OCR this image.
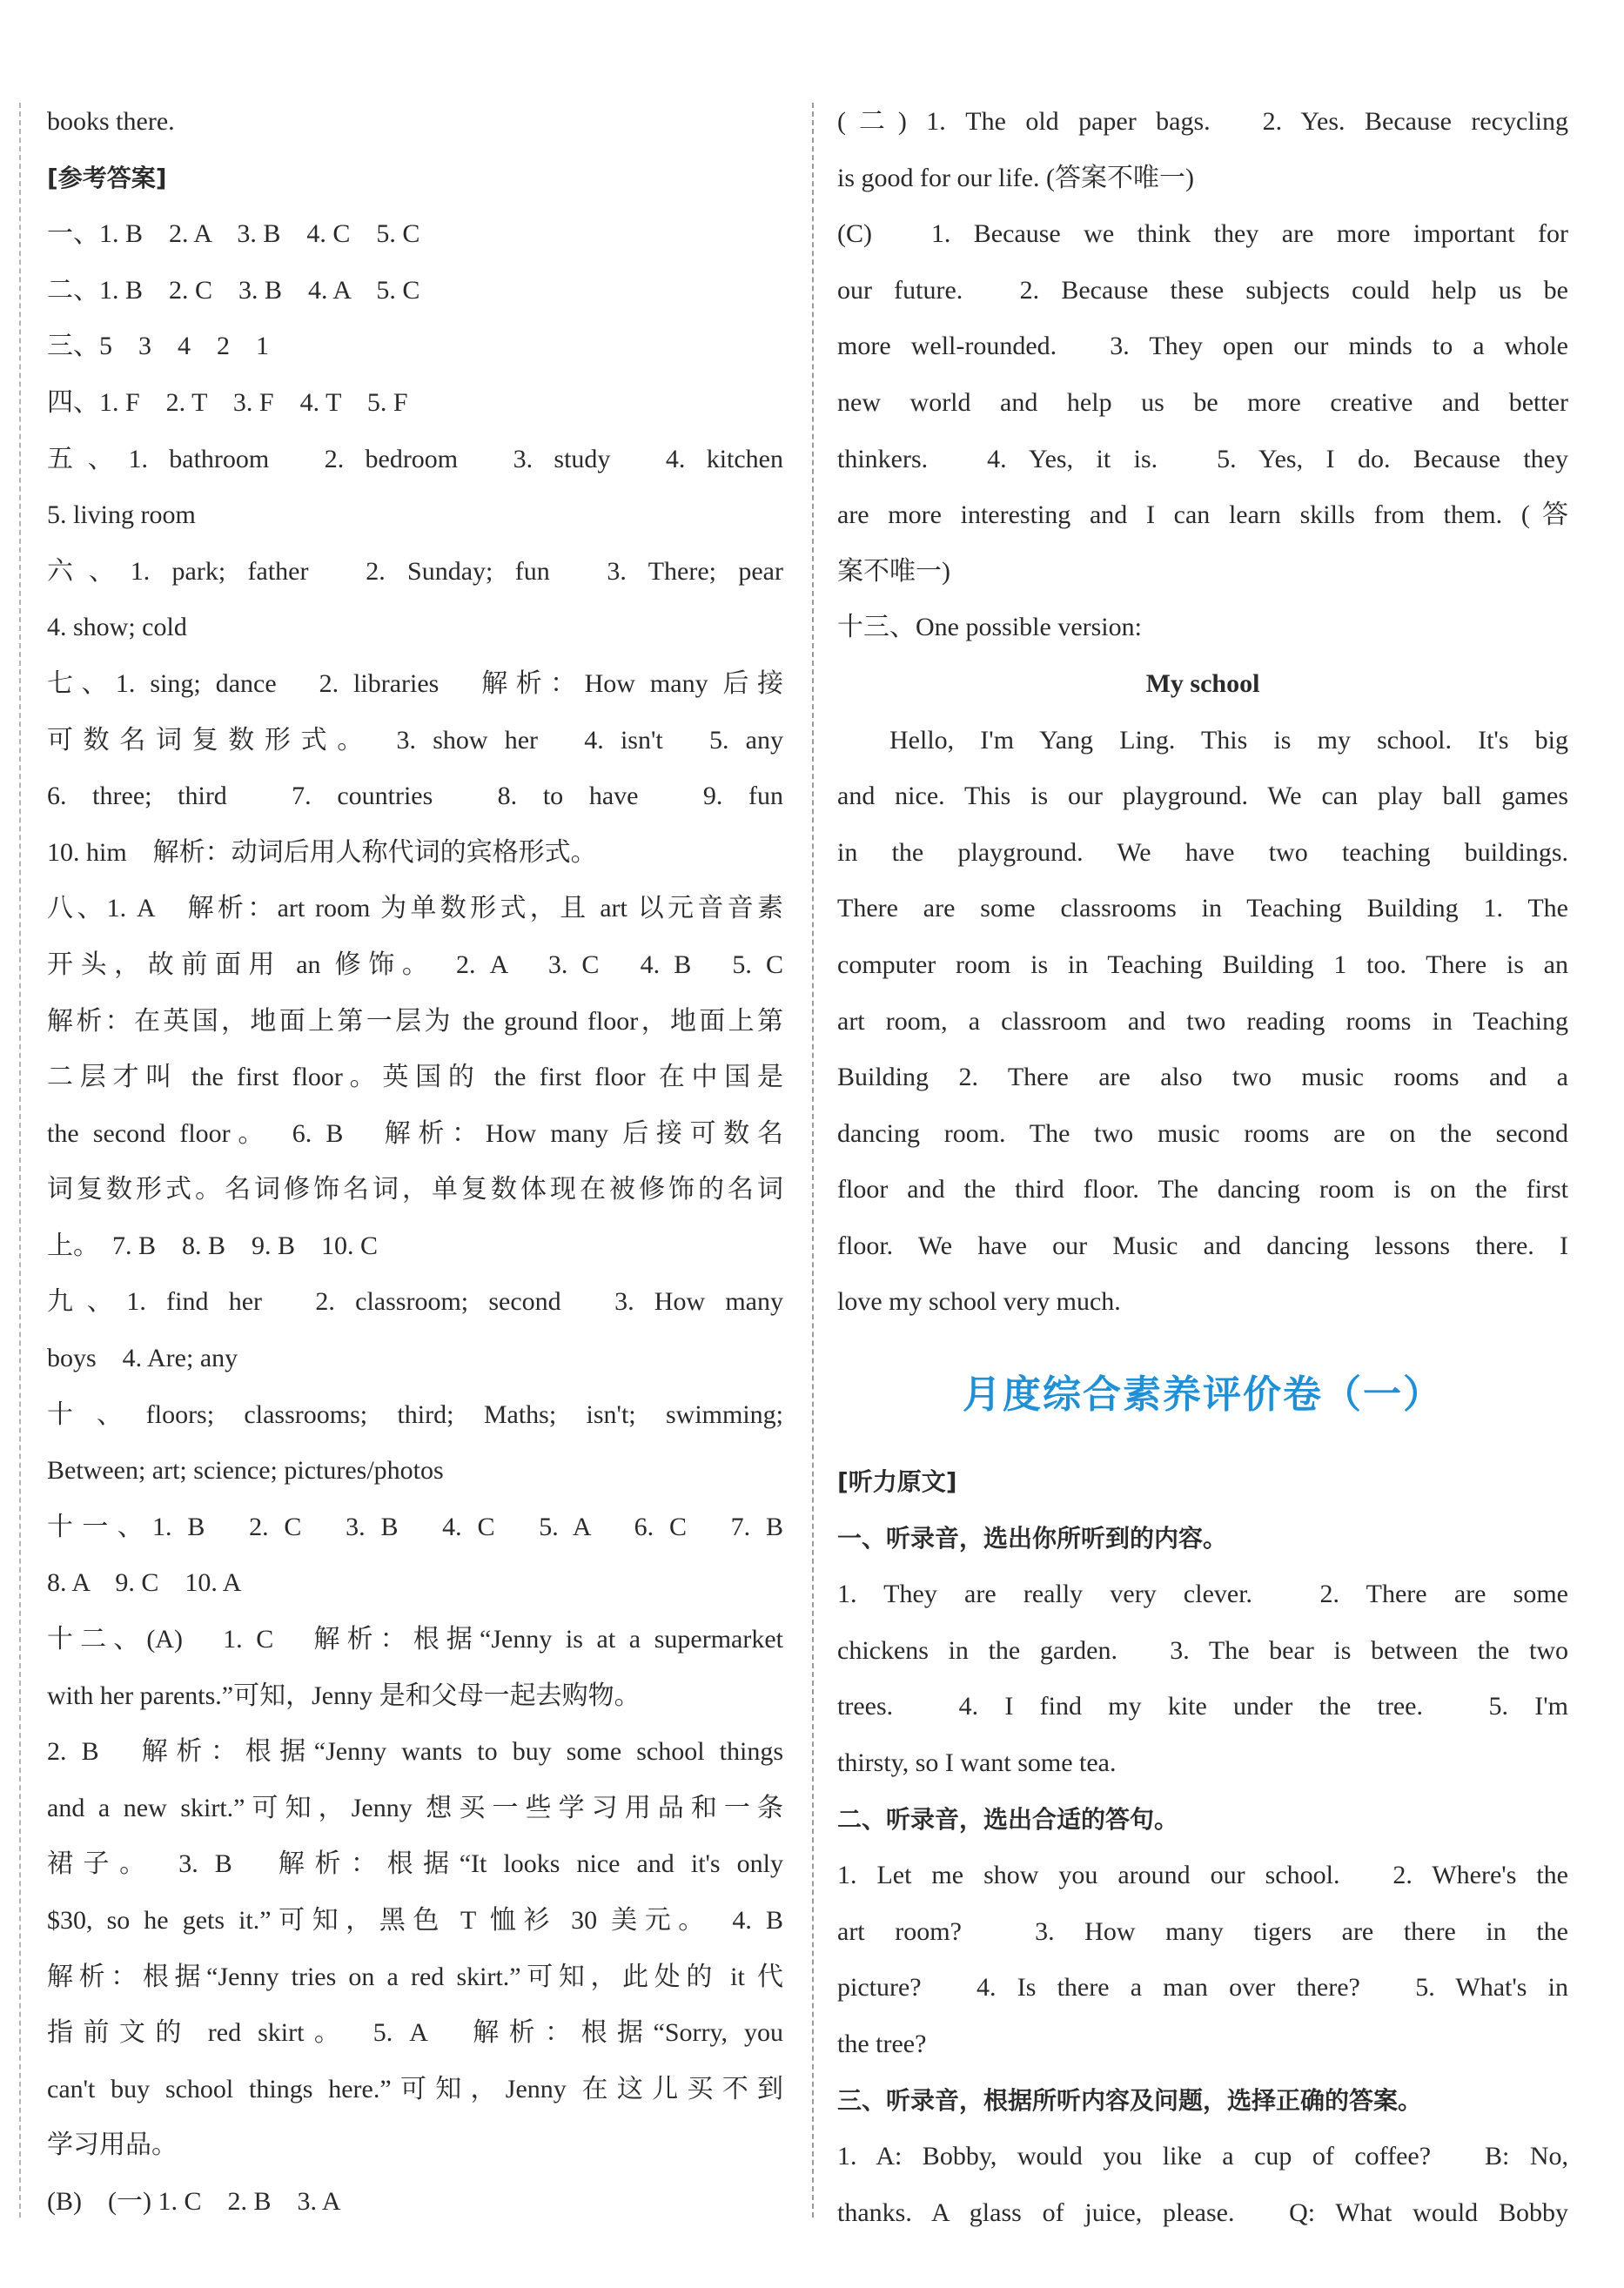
books there.

[参考答案]

一、1. B　2. A　3. B　4. C　5. C

二、1. B　2. C　3. B　4. A　5. C

三、5　3　4　2　1

四、1. F　2. T　3. F　4. T　5. F

五、1. bathroom　2. bedroom　3. study　4. kitchen

5. living room

六、1. park; father　2. Sunday; fun　3. There; pear

4. show; cold

七、1. sing; dance　2. libraries　解析：How many 后接

可数名词复数形式。　3. show her　4. isn't　5. any

6. three; third　7. countries　8. to have　9. fun

10. him　解析：动词后用人称代词的宾格形式。

八、1. A　解析：art room 为单数形式，且 art 以元音音素

开头，故前面用 an 修饰。　2. A　3. C　4. B　5. C

解析：在英国，地面上第一层为 the ground floor，地面上第

二层才叫 the first floor。英国的 the first floor 在中国是

the second floor。　6. B　解析：How many 后接可数名

词复数形式。名词修饰名词，单复数体现在被修饰的名词

上。　7. B　8. B　9. B　10. C

九、1. find her　2. classroom; second　3. How many

boys　4. Are; any

十、floors; classrooms; third; Maths; isn't; swimming;

Between; art; science; pictures/photos

十一、1. B　2. C　3. B　4. C　5. A　6. C　7. B

8. A　9. C　10. A

十二、(A)　1. C　解析：根据“Jenny is at a supermarket

with her parents.”可知，Jenny 是和父母一起去购物。

2. B　解析：根据“Jenny wants to buy some school things

and a new skirt.”可知，Jenny 想买一些学习用品和一条

裙子。　3. B　解析：根据“It looks nice and it's only

$30, so he gets it.”可知，黑色 T 恤衫 30 美元。　4. B

解析：根据“Jenny tries on a red skirt.”可知，此处的 it 代

指前文的 red skirt。　5. A　解析：根据“Sorry, you

can't buy school things here.”可知，Jenny 在这儿买不到

学习用品。

(B)　(一) 1. C　2. B　3. A

(二) 1. The old paper bags.　2. Yes. Because recycling

is good for our life. (答案不唯一)

(C)　1. Because we think they are more important for

our future.　2. Because these subjects could help us be

more well-rounded.　3. They open our minds to a whole

new world and help us be more creative and better

thinkers.　4. Yes, it is.　5. Yes, I do. Because they

are more interesting and I can learn skills from them. (答

案不唯一)

十三、One possible version:

My school

Hello, I'm Yang Ling. This is my school. It's big

and nice. This is our playground. We can play ball games

in the playground. We have two teaching buildings.

There are some classrooms in Teaching Building 1. The

computer room is in Teaching Building 1 too. There is an

art room, a classroom and two reading rooms in Teaching

Building 2. There are also two music rooms and a

dancing room. The two music rooms are on the second

floor and the third floor. The dancing room is on the first

floor. We have our Music and dancing lessons there. I

love my school very much.

月度综合素养评价卷（一）

[听力原文]

一、听录音，选出你所听到的内容。

1. They are really very clever.　2. There are some

chickens in the garden.　3. The bear is between the two

trees.　4. I find my kite under the tree.　5. I'm

thirsty, so I want some tea.

二、听录音，选出合适的答句。

1. Let me show you around our school.　2. Where's the

art room?　3. How many tigers are there in the

picture?　4. Is there a man over there?　5. What's in

the tree?

三、听录音，根据所听内容及问题，选择正确的答案。

1. A: Bobby, would you like a cup of coffee?　B: No,

thanks. A glass of juice, please.　Q: What would Bobby
